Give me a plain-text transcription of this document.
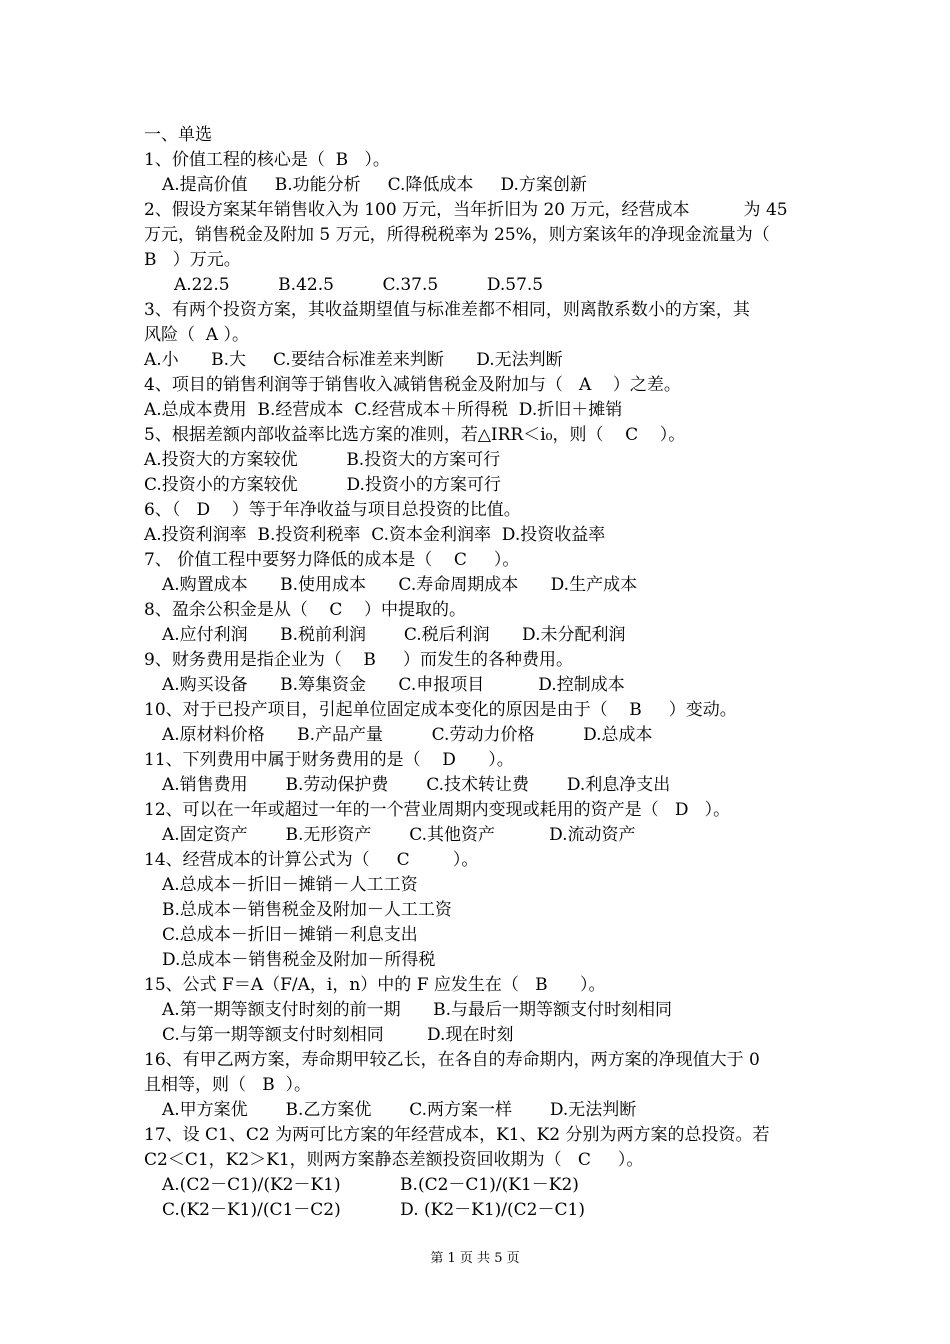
一、单选
1、价值工程的核心是（  B   ）。
A.提高价值     B.功能分析     C.降低成本     D.方案创新
2、假设方案某年销售收入为 100 万元，当年折旧为 20 万元，经营成本          为 45
万元，销售税金及附加 5 万元，所得税税率为 25%，则方案该年的净现金流量为（
B   ）万元。
A.22.5         B.42.5         C.37.5         D.57.5
3、有两个投资方案，其收益期望值与标准差都不相同，则离散系数小的方案，其
风险（  A ）。
A.小      B.大     C.要结合标准差来判断      D.无法判断
4、项目的销售利润等于销售收入减销售税金及附加与（   A    ）之差。
A.总成本费用  B.经营成本  C.经营成本＋所得税  D.折旧＋摊销
5、根据差额内部收益率比选方案的准则，若△IRR＜i₀，则（    C    ）。
A.投资大的方案较优         B.投资大的方案可行
C.投资小的方案较优         D.投资小的方案可行
6、（   D    ）等于年净收益与项目总投资的比值。
A.投资利润率  B.投资利税率  C.资本金利润率  D.投资收益率
7、 价值工程中要努力降低的成本是（    C     ）。
A.购置成本      B.使用成本      C.寿命周期成本      D.生产成本
8、盈余公积金是从（    C    ）中提取的。
A.应付利润      B.税前利润       C.税后利润      D.未分配利润
9、财务费用是指企业为（    B     ）而发生的各种费用。
A.购买设备      B.筹集资金      C.申报项目          D.控制成本
10、对于已投产项目，引起单位固定成本变化的原因是由于（    B     ）变动。
A.原材料价格      B.产品产量         C.劳动力价格         D.总成本
11、下列费用中属于财务费用的是（    D      ）。
A.销售费用       B.劳动保护费       C.技术转让费       D.利息净支出
12、可以在一年或超过一年的一个营业周期内变现或耗用的资产是（   D   ）。
A.固定资产       B.无形资产       C.其他资产          D.流动资产
14、经营成本的计算公式为（     C        ）。
A.总成本－折旧－摊销－人工工资
B.总成本－销售税金及附加－人工工资
C.总成本－折旧－摊销－利息支出
D.总成本－销售税金及附加－所得税
15、公式 F＝A（F/A，i，n）中的 F 应发生在（   B      ）。
A.第一期等额支付时刻的前一期      B.与最后一期等额支付时刻相同
C.与第一期等额支付时刻相同        D.现在时刻
16、有甲乙两方案，寿命期甲较乙长，在各自的寿命期内，两方案的净现值大于 0
且相等，则（   B  ）。
A.甲方案优       B.乙方案优       C.两方案一样       D.无法判断
17、设 C1、C2 为两可比方案的年经营成本，K1、K2 分别为两方案的总投资。若
C2＜C1，K2＞K1，则两方案静态差额投资回收期为（   C     ）。
A.(C2－C1)/(K2－K1)           B.(C2－C1)/(K1－K2)
C.(K2－K1)/(C1－C2)           D. (K2－K1)/(C2－C1)
第 1 页 共 5 页
